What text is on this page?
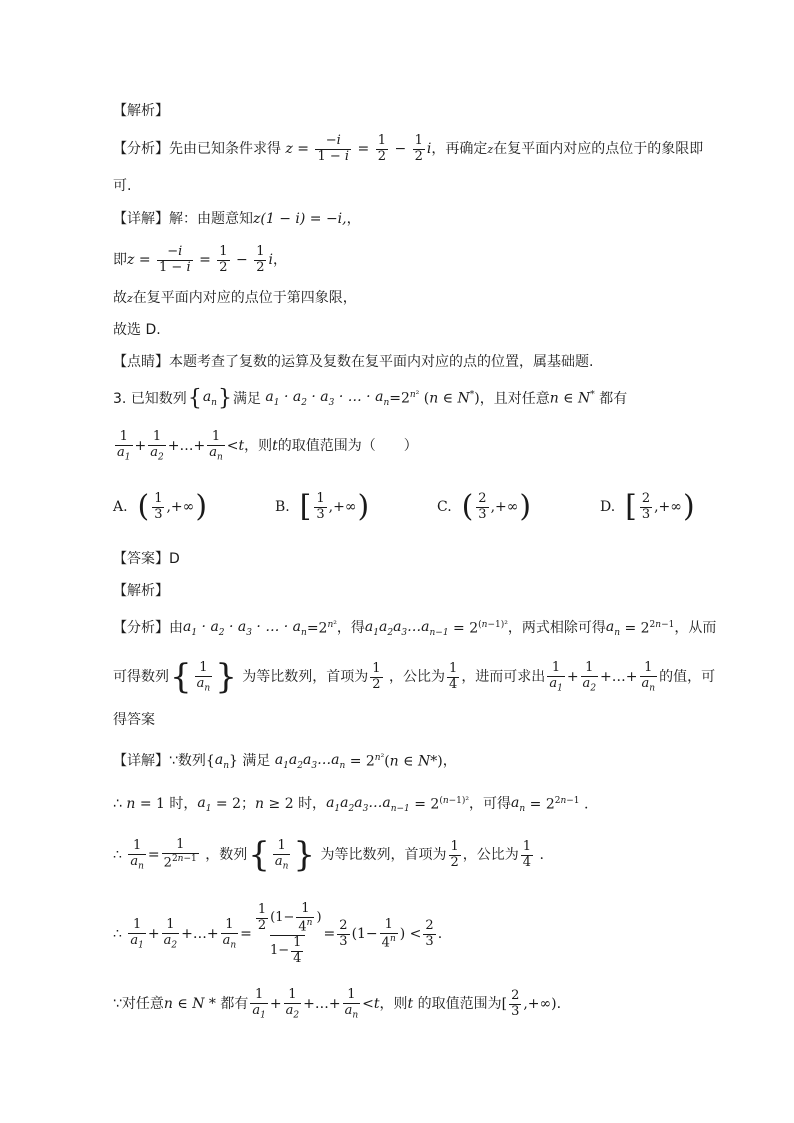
【解析】
【分析】 先由已知条件求得 $z = \frac{-i}{1 - i} = \frac{1}{2} - \frac{1}{2}$ i ，再确定 z 在复平面内对应的点位于的象限即
可.
【详解】 解：由题意知 z(1 − i) = −i, ，
即 $z = \frac{-i}{1 - i} = \frac{1}{2} - \frac{1}{2}$ i ，
故 z 在复平面内对应的点位于第四象限，
故选 D.
【点睛】 本题考查了复数的运算及复数在复平面内对应的点的位置，属基础题.
3.
已知数列 { $a_n$ } 满足 $a_1 \cdot a_2 \cdot a_3$ · … · $a_n =2^{n^2}$ (n ∈ N*) ，且对任意 n ∈ N*
都有
$\frac{1}{a_1} + \frac{1}{a_2}$ +…+ $\frac{1}{a_n} < t$ ，则 t 的取值范围为（　　）
A.
( $\frac{1}{3}$ ,+∞ )	B.
[ $\frac{1}{3}$ ,+∞ )	C.
( $\frac{2}{3}$ ,+∞ )	D.
[ $\frac{2}{3}$ ,+∞ )
【答案】 D
【解析】
【分析】 由 $a_1 \cdot a_2 \cdot a_3$ · … · $a_n =2^{n^2}$ ，得 $a_1a_2a_3\dots a_{n-1} = 2^{(n-1)^2}$ ，两式相除可得 $a_n = 2^{2n-1}$ ，从而
可得数列 { $\frac{1}{a_n}$ }
为等比数列，首项为 $\frac{1}{2}$
，公比为 $\frac{1}{4}$ ，进而可求出 $\frac{1}{a_1} + \frac{1}{a_2}$ +…+ $\frac{1}{a_n}$ 的值，可
得答案
【详解】 ∵数列 { $a_n$ }
满足 $a_1a_2a_3\dots a_n = 2^{n^2}(n$ ∈ N*) ，
∴ n = 1 时， $a_1 = 2$ ； n ≥ 2 时， $a_1a_2a_3\dots a_{n-1} = 2^{(n-1)^2}$ ，可得 $a_n = 2^{2n-1}$ .
∴ $\frac{1}{a_n} = \frac{1}{2^{2n-1}}$
，数列 { $\frac{1}{a_n}$ }
为等比数列，首项为 $\frac{1}{2}$ ，公比为 $\frac{1}{4}$ .
∴ $\frac{1}{a_1} + \frac{1}{a_2}$ +…+ $\frac{1}{a_n} = \frac{\frac{1}{2} (1- \frac{1}{4^n} )}{1- \frac{1}{4}} = \frac{2}{3} (1- \frac{1}{4^n}$ ) < $\frac{2}{3}$ .
∵对任意 n ∈ N *
都有 $\frac{1}{a_1} + \frac{1}{a_2}$ +…+ $\frac{1}{a_n} < t$ ，则 t
的取值范围为 [ $\frac{2}{3}$ ,+∞).
